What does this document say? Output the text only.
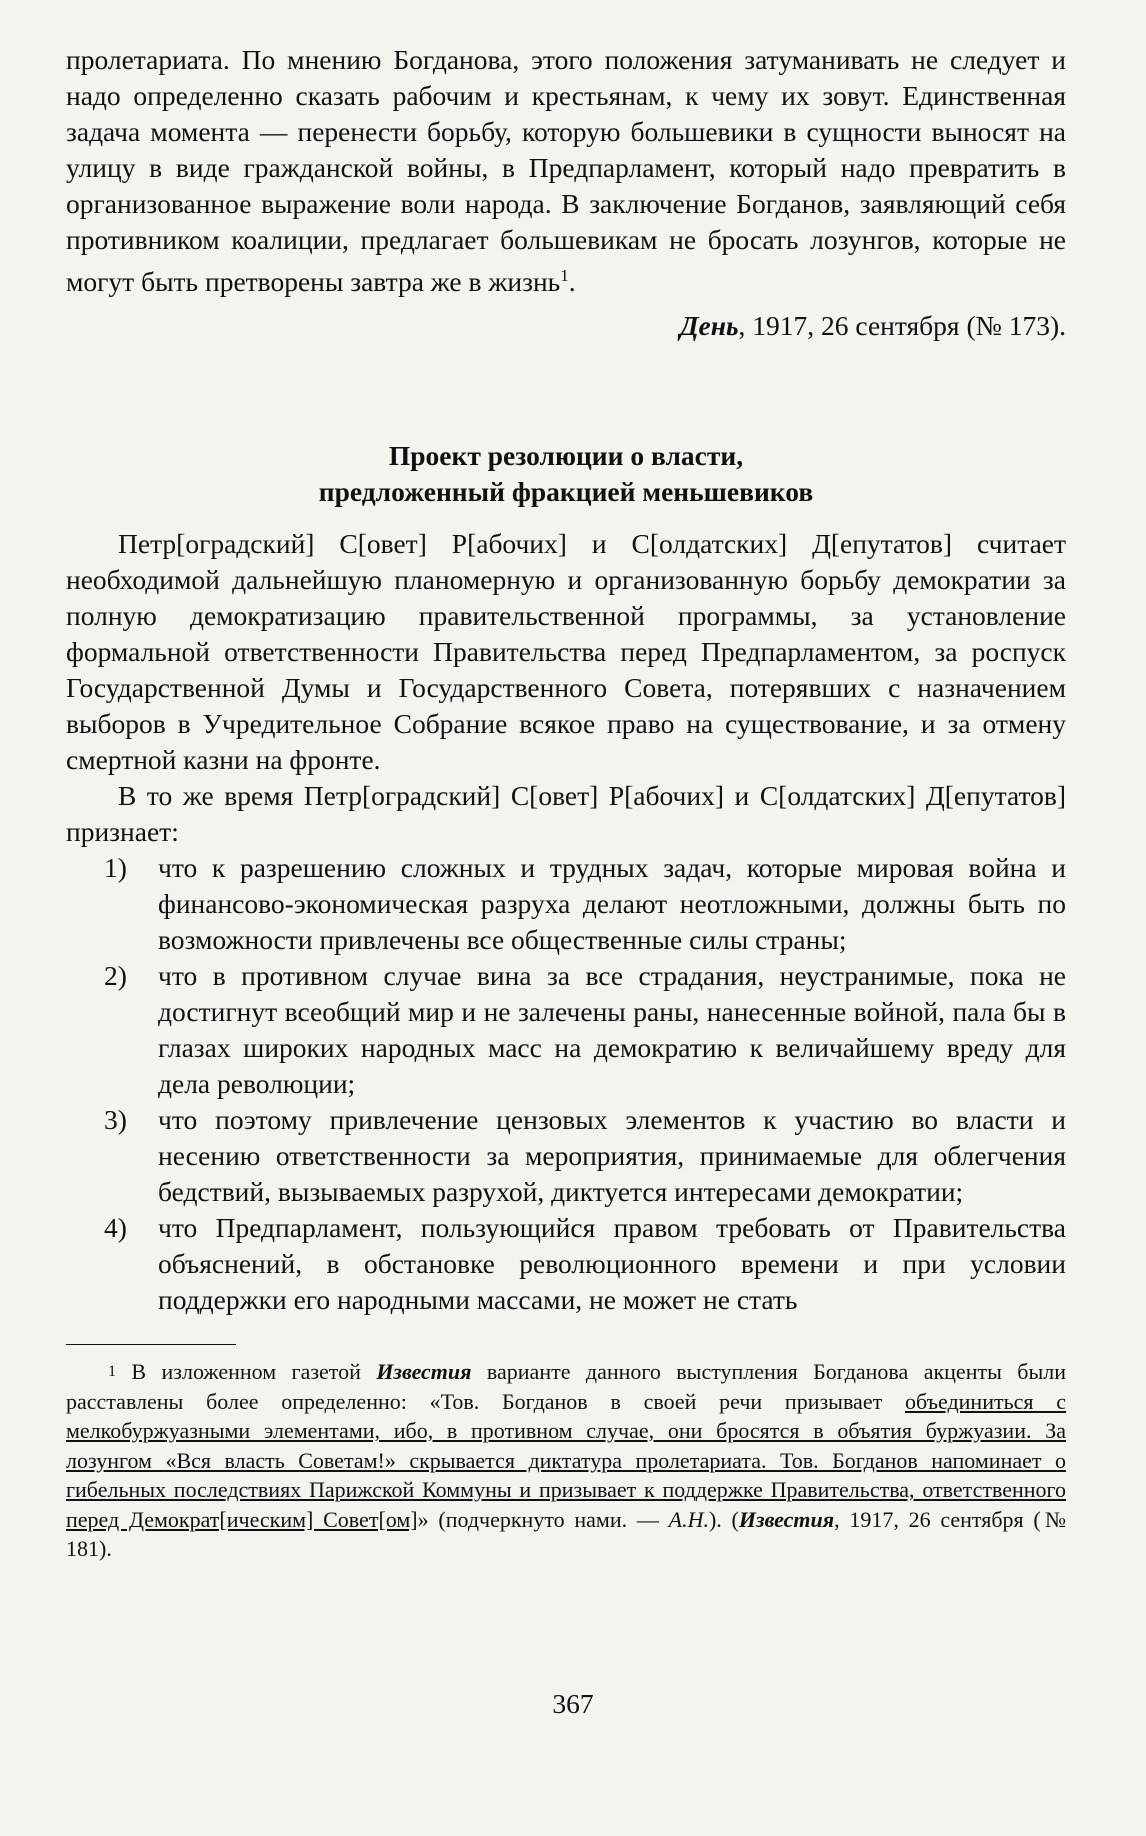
пролетариата. По мнению Богданова, этого положения затуманивать не следует и надо определенно сказать рабочим и крестьянам, к чему их зовут. Единственная задача момента — перенести борьбу, которую большевики в сущности выносят на улицу в виде гражданской войны, в Предпарламент, который надо превратить в организованное выражение воли народа. В заключение Богданов, заявляющий себя противником коалиции, предлагает большевикам не бросать лозунгов, которые не могут быть претворены завтра же в жизнь$^1$.

День, 1917, 26 сентября (№ 173).

Проект резолюции о власти,
предложенный фракцией меньшевиков

Петр[оградский] С[овет] Р[абочих] и С[олдатских] Д[епутатов] считает необходимой дальнейшую планомерную и организованную борьбу демократии за полную демократизацию правительственной программы, за установление формальной ответственности Правительства перед Предпарламентом, за роспуск Государственной Думы и Государственного Совета, потерявших с назначением выборов в Учредительное Собрание всякое право на существование, и за отмену смертной казни на фронте.

В то же время Петр[оградский] С[овет] Р[абочих] и С[олдатских] Д[епутатов] признает:

1) что к разрешению сложных и трудных задач, которые мировая война и финансово-экономическая разруха делают неотложными, должны быть по возможности привлечены все общественные силы страны;
2) что в противном случае вина за все страдания, неустранимые, пока не достигнут всеобщий мир и не залечены раны, нанесенные войной, пала бы в глазах широких народных масс на демократию к величайшему вреду для дела революции;
3) что поэтому привлечение цензовых элементов к участию во власти и несению ответственности за мероприятия, принимаемые для облегчения бедствий, вызываемых разрухой, диктуется интересами демократии;
4) что Предпарламент, пользующийся правом требовать от Правительства объяснений, в обстановке революционного времени и при условии поддержки его народными массами, не может не стать

$^1$ В изложенном газетой Известия варианте данного выступления Богданова акценты были расставлены более определенно: «Тов. Богданов в своей речи призывает объединиться с мелкобуржуазными элементами, ибо, в противном случае, они бросятся в объятия буржуазии. За лозунгом «Вся власть Советам!» скрывается диктатура пролетариата. Тов. Богданов напоминает о гибельных последствиях Парижской Коммуны и призывает к поддержке Правительства, ответственного перед Демократ[ическим] Совет[ом]» (подчеркнуто нами. — А.Н.). (Известия, 1917, 26 сентября (№ 181).

367
